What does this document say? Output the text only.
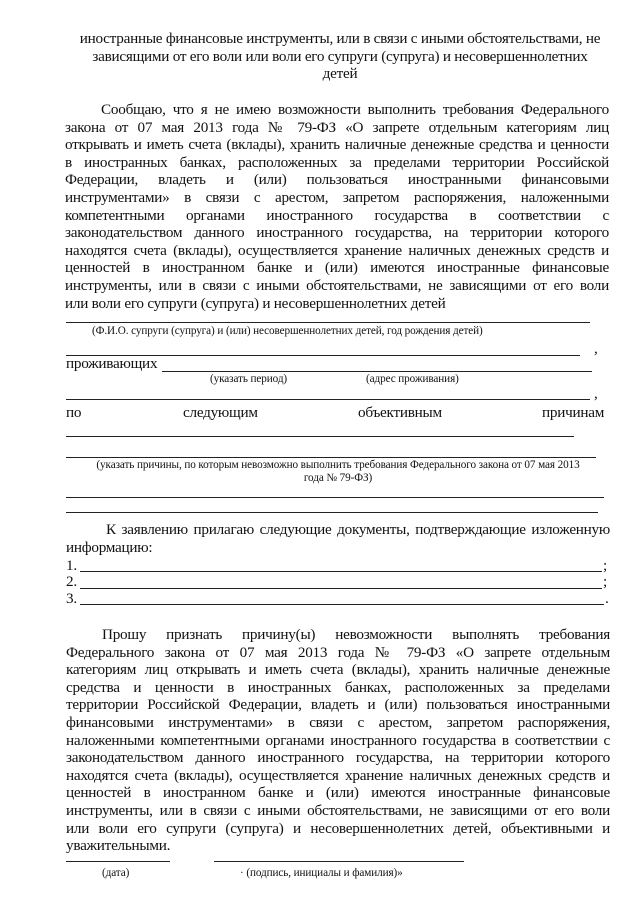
иностранные финансовые инструменты, или в связи с иными обстоятельствами, не
зависящими от его воли или воли его супруги (супруга) и несовершеннолетних
детей
Сообщаю, что я не имею возможности выполнить требования Федерального
закона от 07 мая 2013 года № 79-ФЗ «О запрете отдельным категориям лиц
открывать и иметь счета (вклады), хранить наличные денежные средства и ценности
в иностранных банках, расположенных за пределами территории Российской
Федерации, владеть и (или) пользоваться иностранными финансовыми
инструментами» в связи с арестом, запретом распоряжения, наложенными
компетентными органами иностранного государства в соответствии с
законодательством данного иностранного государства, на территории которого
находятся счета (вклады), осуществляется хранение наличных денежных средств и
ценностей в иностранном банке и (или) имеются иностранные финансовые
инструменты, или в связи с иными обстоятельствами, не зависящими от его воли
или воли его супруги (супруга) и несовершеннолетних детей
(Ф.И.О. супруги (супруга) и (или) несовершеннолетних детей, год рождения детей)
,
проживающих
(указать период)	(адрес проживания)
,
по	следующим	объективным	причинам
(указать причины, по которым невозможно выполнить требования Федерального закона от 07 мая 2013
года № 79-ФЗ)
К заявлению прилагаю следующие документы, подтверждающие изложенную
информацию:
1.	;
2.	;
3.	.
Прошу признать причину(ы) невозможности выполнять требования
Федерального закона от 07 мая 2013 года № 79-ФЗ «О запрете отдельным
категориям лиц открывать и иметь счета (вклады), хранить наличные денежные
средства и ценности в иностранных банках, расположенных за пределами
территории Российской Федерации, владеть и (или) пользоваться иностранными
финансовыми инструментами» в связи с арестом, запретом распоряжения,
наложенными компетентными органами иностранного государства в соответствии с
законодательством данного иностранного государства, на территории которого
находятся счета (вклады), осуществляется хранение наличных денежных средств и
ценностей в иностранном банке и (или) имеются иностранные финансовые
инструменты, или в связи с иными обстоятельствами, не зависящими от его воли
или воли его супруги (супруга) и несовершеннолетних детей, объективными и
уважительными.
(дата)	· (подпись, инициалы и фамилия)»
